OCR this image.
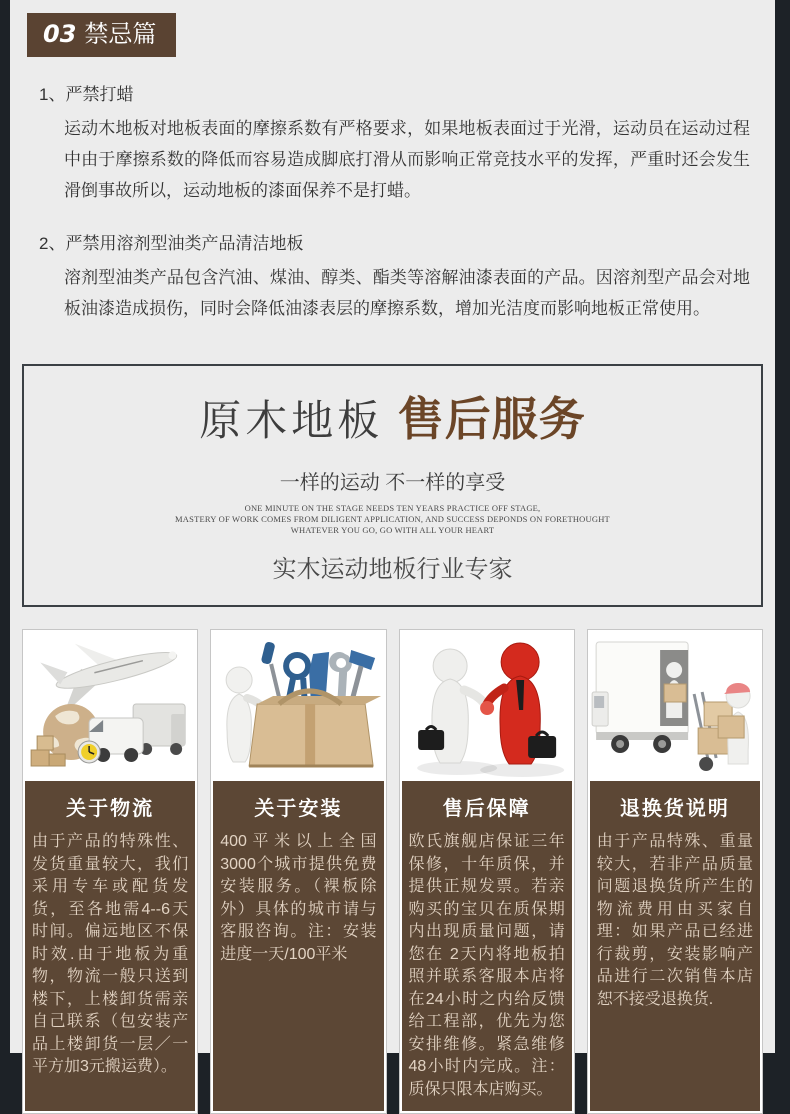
03 禁忌篇
1、严禁打蜡
运动木地板对地板表面的摩擦系数有严格要求，如果地板表面过于光滑，运动员在运动过程中由于摩擦系数的降低而容易造成脚底打滑从而影响正常竞技水平的发挥，严重时还会发生滑倒事故所以，运动地板的漆面保养不是打蜡。
2、严禁用溶剂型油类产品清洁地板
溶剂型油类产品包含汽油、煤油、醇类、酯类等溶解油漆表面的产品。因溶剂型产品会对地板油漆造成损伤，同时会降低油漆表层的摩擦系数，增加光洁度而影响地板正常使用。
原木地板 售后服务
一样的运动 不一样的享受
ONE MINUTE ON THE STAGE NEEDS TEN YEARS PRACTICE OFF STAGE,
MASTERY OF WORK COMES FROM DILIGENT APPLICATION, AND SUCCESS DEPONDS ON FORETHOUGHT
WHATEVER YOU GO, GO WITH ALL YOUR HEART
实木运动地板行业专家
关于物流
由于产品的特殊性、发货重量较大，我们采用专车或配货发货，至各地需4--6天时间。偏远地区不保时效.由于地板为重物，物流一般只送到楼下，上楼卸货需亲自己联系（包安装产品上楼卸货一层／一平方加3元搬运费）。
关于安装
400平米以上全国3000个城市提供免费安装服务。（裸板除外）具体的城市请与客服咨询。注：安装进度一天/100平米
售后保障
欧氏旗舰店保证三年保修，十年质保，并提供正规发票。若亲购买的宝贝在质保期内出现质量问题，请您在 2天内将地板拍照并联系客服本店将在24小时之内给反馈给工程部，优先为您安排维修。紧急维修48小时内完成。注：质保只限本店购买。
退换货说明
由于产品特殊、重量较大，若非产品质量问题退换货所产生的物流费用由买家自理：如果产品已经进行裁剪，安装影响产品进行二次销售本店恕不接受退换货.
